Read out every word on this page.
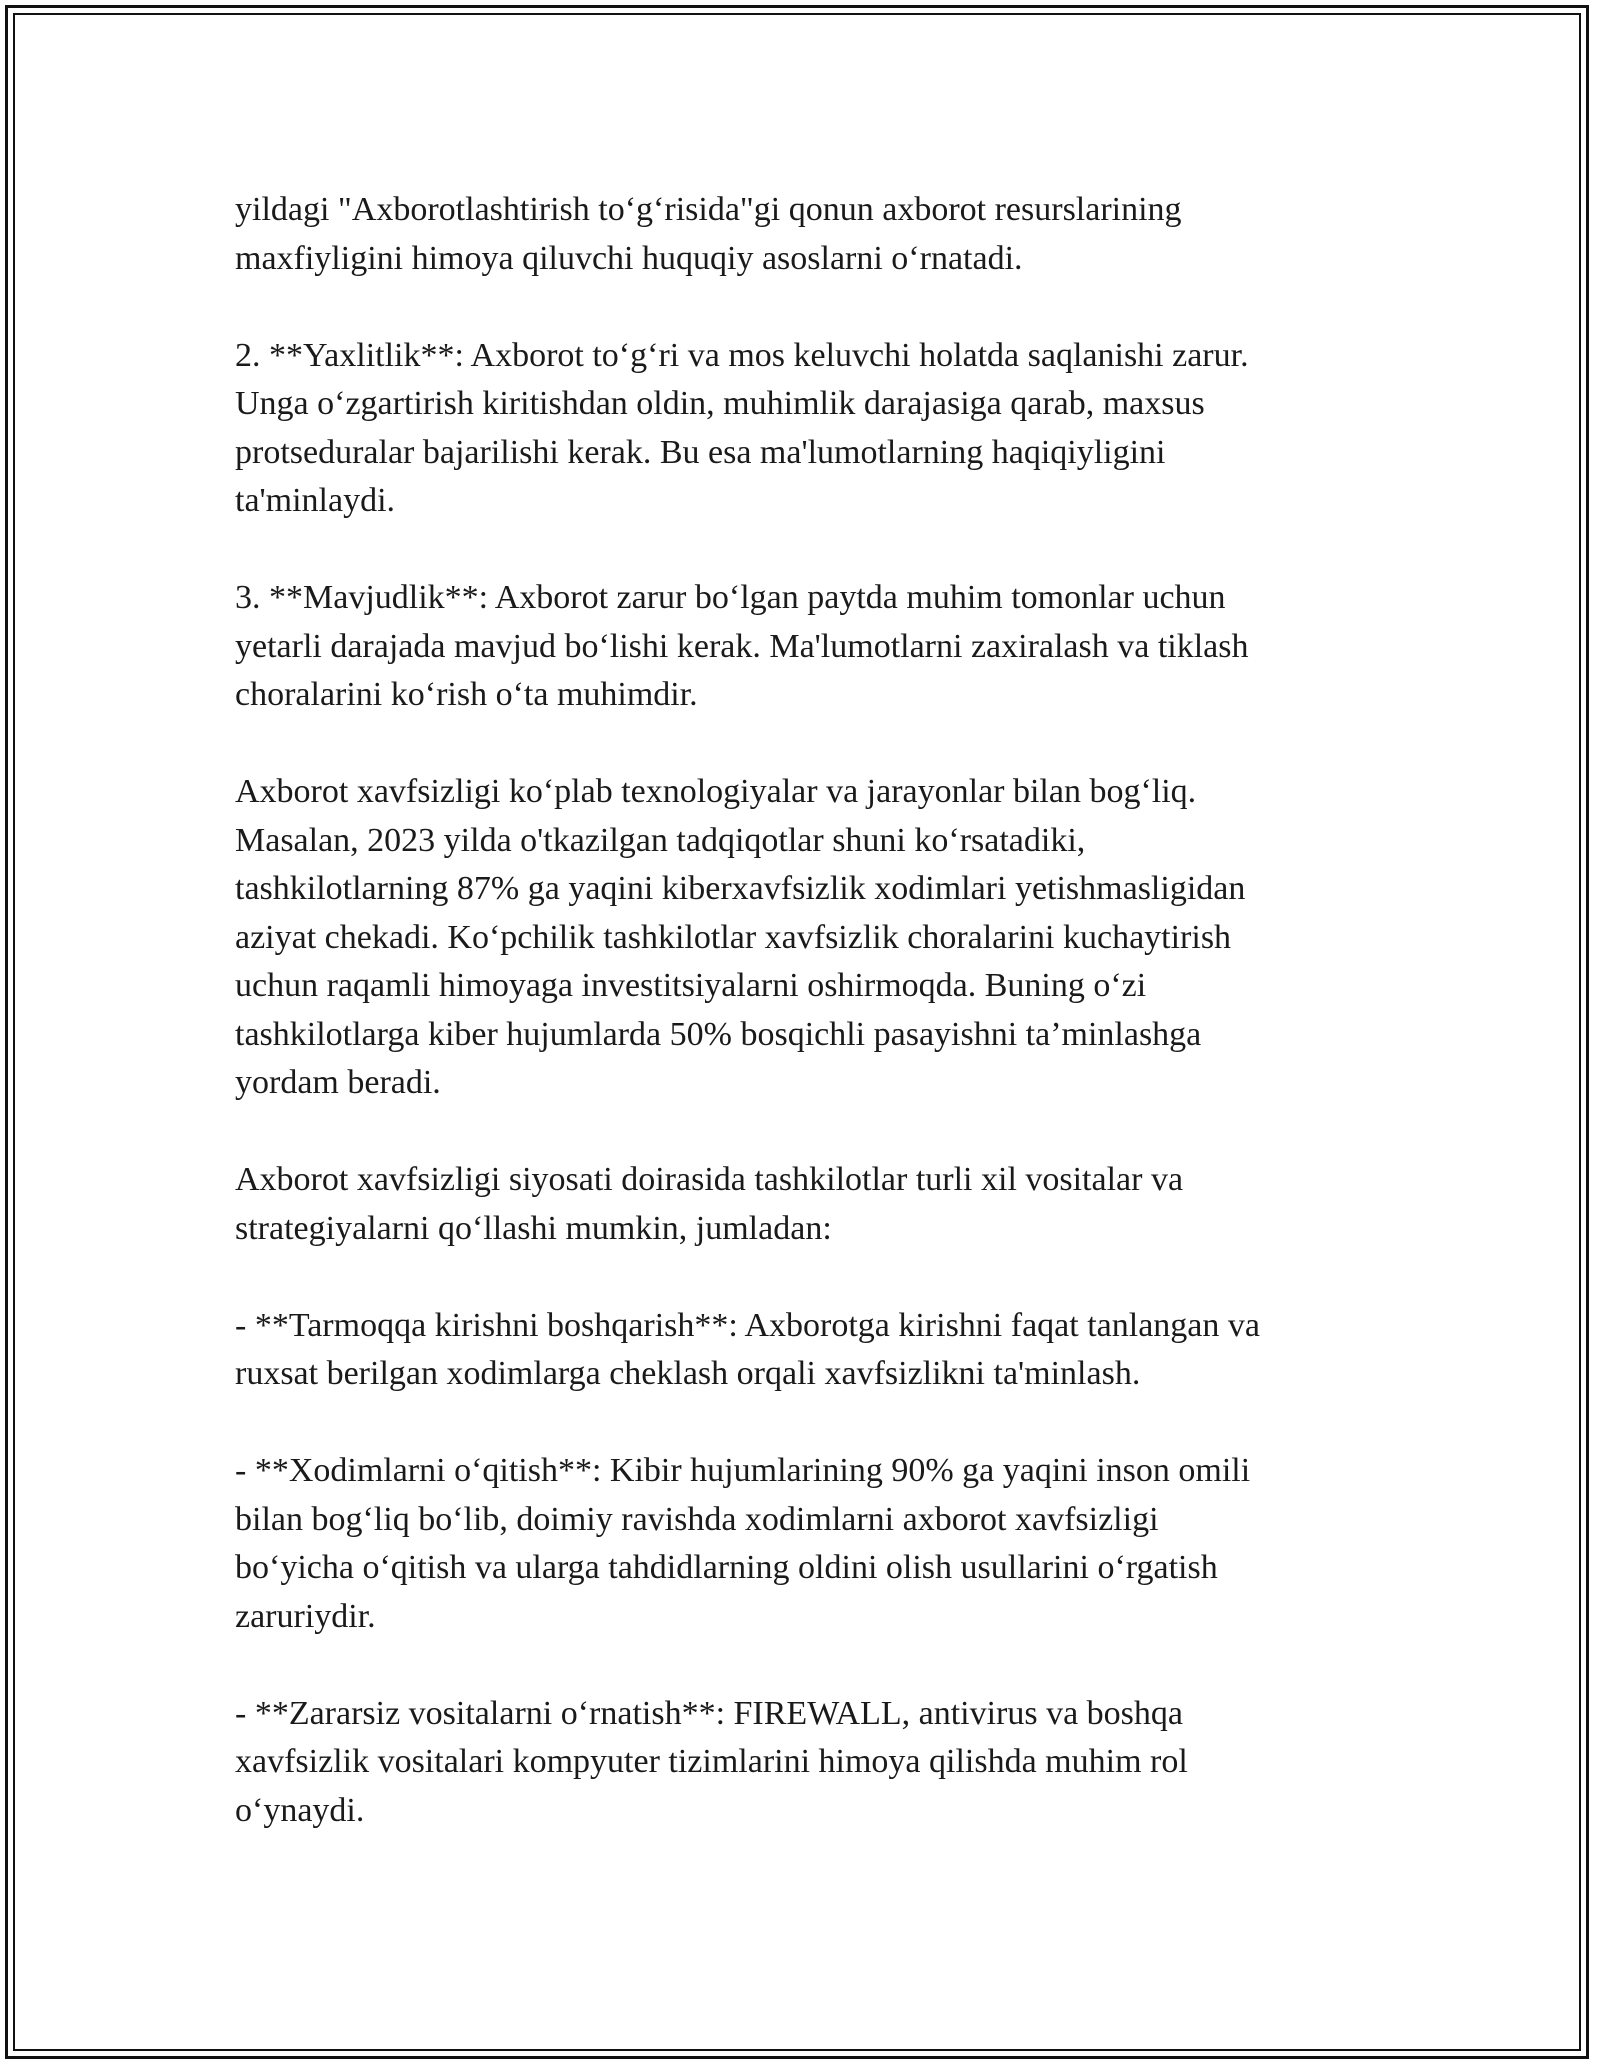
yildagi "Axborotlashtirish to‘g‘risida"gi qonun axborot resurslarining
maxfiyligini himoya qiluvchi huquqiy asoslarni o‘rnatadi.

2. **Yaxlitlik**: Axborot to‘g‘ri va mos keluvchi holatda saqlanishi zarur.
Unga o‘zgartirish kiritishdan oldin, muhimlik darajasiga qarab, maxsus
protseduralar bajarilishi kerak. Bu esa ma'lumotlarning haqiqiyligini
ta'minlaydi.

3. **Mavjudlik**: Axborot zarur bo‘lgan paytda muhim tomonlar uchun
yetarli darajada mavjud bo‘lishi kerak. Ma'lumotlarni zaxiralash va tiklash
choralarini ko‘rish o‘ta muhimdir.

Axborot xavfsizligi ko‘plab texnologiyalar va jarayonlar bilan bog‘liq.
Masalan, 2023 yilda o'tkazilgan tadqiqotlar shuni ko‘rsatadiki,
tashkilotlarning 87% ga yaqini kiberxavfsizlik xodimlari yetishmasligidan
aziyat chekadi. Ko‘pchilik tashkilotlar xavfsizlik choralarini kuchaytirish
uchun raqamli himoyaga investitsiyalarni oshirmoqda. Buning o‘zi
tashkilotlarga kiber hujumlarda 50% bosqichli pasayishni ta’minlashga
yordam beradi.

Axborot xavfsizligi siyosati doirasida tashkilotlar turli xil vositalar va
strategiyalarni qo‘llashi mumkin, jumladan:

- **Tarmoqqa kirishni boshqarish**: Axborotga kirishni faqat tanlangan va
ruxsat berilgan xodimlarga cheklash orqali xavfsizlikni ta'minlash.

- **Xodimlarni o‘qitish**: Kibir hujumlarining 90% ga yaqini inson omili
bilan bog‘liq bo‘lib, doimiy ravishda xodimlarni axborot xavfsizligi
bo‘yicha o‘qitish va ularga tahdidlarning oldini olish usullarini o‘rgatish
zaruriydir.

- **Zararsiz vositalarni o‘rnatish**: FIREWALL, antivirus va boshqa
xavfsizlik vositalari kompyuter tizimlarini himoya qilishda muhim rol
o‘ynaydi.
